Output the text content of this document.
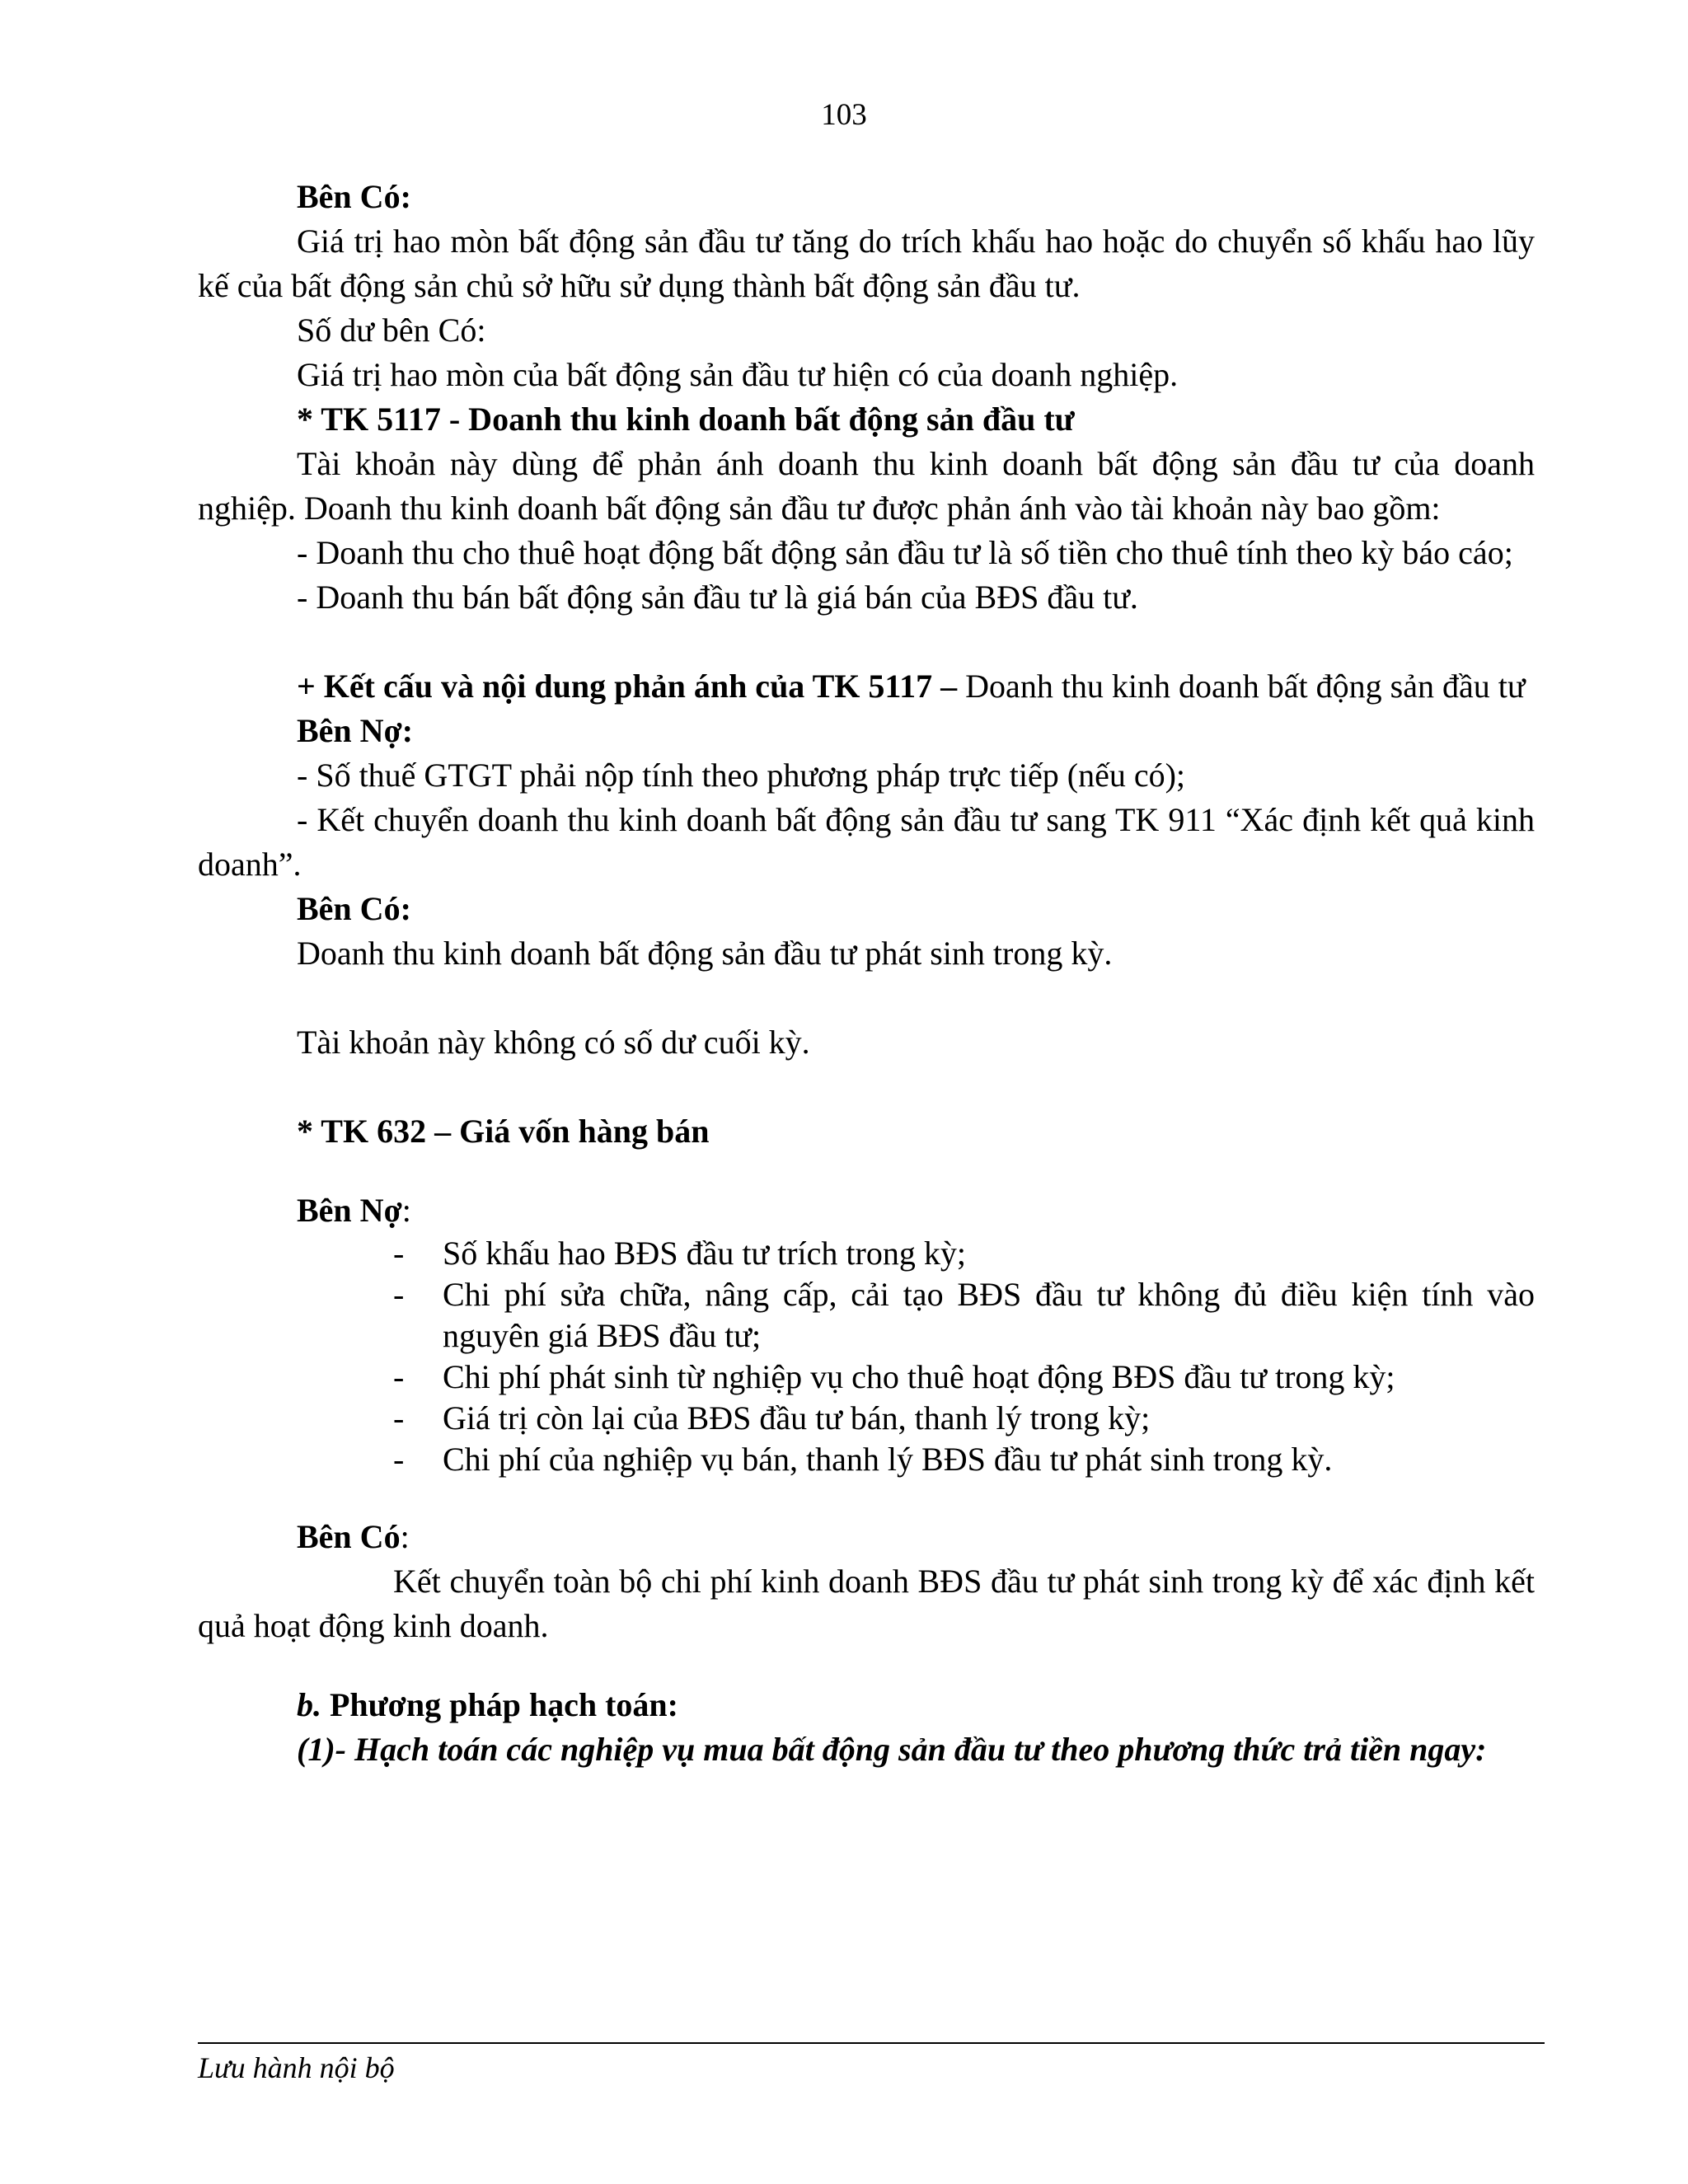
103

Bên Có:

Giá trị hao mòn bất động sản đầu tư tăng do trích khấu hao hoặc do chuyển số khấu hao lũy kế của bất động sản chủ sở hữu sử dụng thành bất động sản đầu tư.

Số dư bên Có:

Giá trị hao mòn của bất động sản đầu tư hiện có của doanh nghiệp.

* TK 5117 - Doanh thu kinh doanh bất động sản đầu tư

Tài khoản này dùng để phản ánh doanh thu kinh doanh bất động sản đầu tư của doanh nghiệp. Doanh thu kinh doanh bất động sản đầu tư được phản ánh vào tài khoản này bao gồm:

- Doanh thu cho thuê hoạt động bất động sản đầu tư là số tiền cho thuê tính theo kỳ báo cáo;

- Doanh thu bán bất động sản đầu tư là giá bán của BĐS đầu tư.

+ Kết cấu và nội dung phản ánh của TK 5117 – Doanh thu kinh doanh bất động sản đầu tư

Bên Nợ:

- Số thuế GTGT phải nộp tính theo phương pháp trực tiếp (nếu có);

- Kết chuyển doanh thu kinh doanh bất động sản đầu tư sang TK 911 “Xác định kết quả kinh doanh”.

Bên Có:

Doanh thu kinh doanh bất động sản đầu tư phát sinh trong kỳ.

Tài khoản này không có số dư cuối kỳ.

* TK 632 – Giá vốn hàng bán

Bên Nợ:

- Số khấu hao BĐS đầu tư trích trong kỳ;
- Chi phí sửa chữa, nâng cấp, cải tạo BĐS đầu tư không đủ điều kiện tính vào nguyên giá BĐS đầu tư;
- Chi phí phát sinh từ nghiệp vụ cho thuê hoạt động BĐS đầu tư trong kỳ;
- Giá trị còn lại của BĐS đầu tư bán, thanh lý trong kỳ;
- Chi phí của nghiệp vụ bán, thanh lý BĐS đầu tư phát sinh trong kỳ.

Bên Có:

Kết chuyển toàn bộ chi phí kinh doanh BĐS đầu tư phát sinh trong kỳ để xác định kết quả hoạt động kinh doanh.

b. Phương pháp hạch toán:

(1)- Hạch toán các nghiệp vụ mua bất động sản đầu tư theo phương thức trả tiền ngay:

Lưu hành nội bộ
